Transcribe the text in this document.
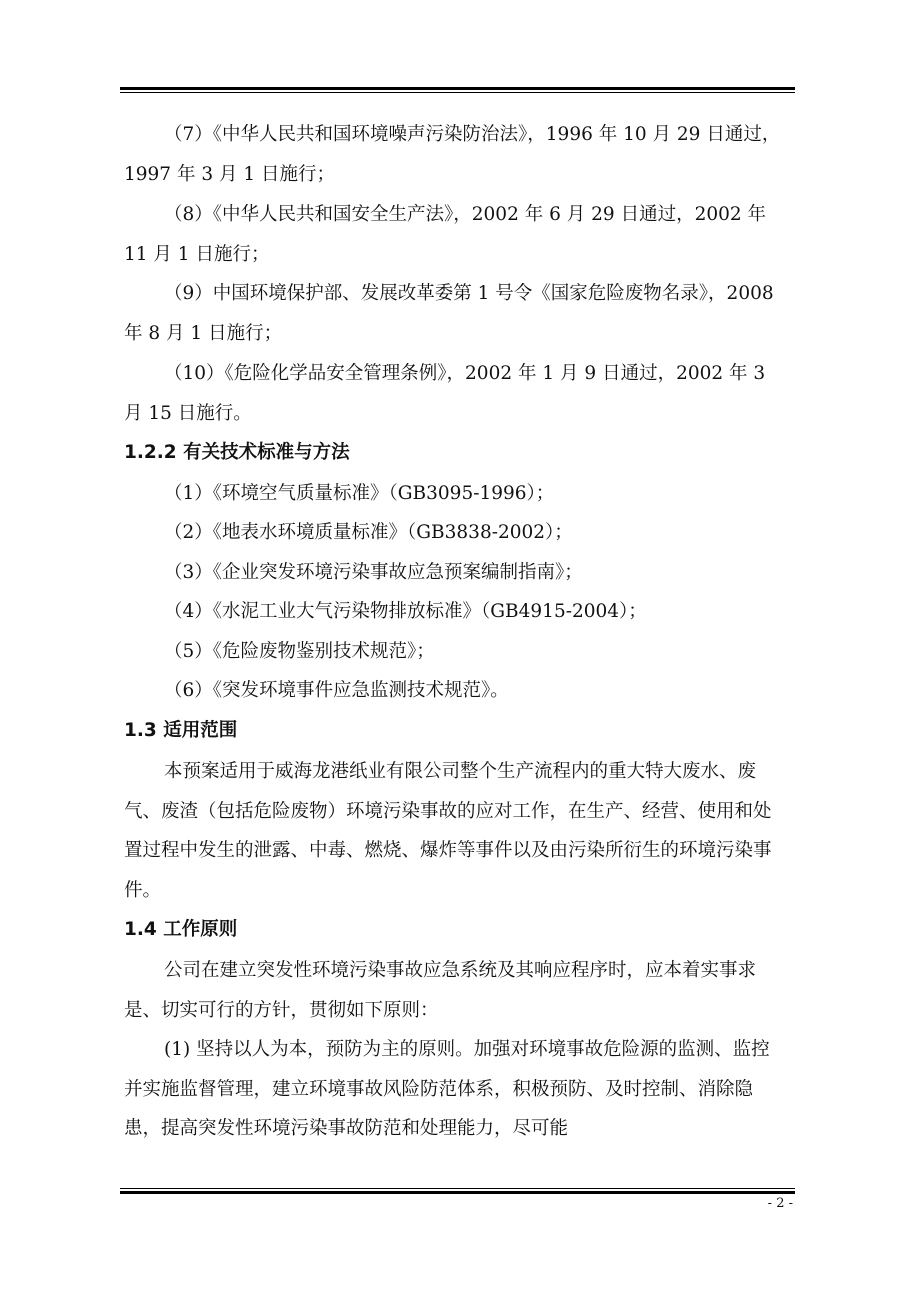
（7）《中华人民共和国环境噪声污染防治法》，1996 年 10 月 29 日通过，1997 年 3 月 1 日施行；

（8）《中华人民共和国安全生产法》，2002 年 6 月 29 日通过，2002 年 11 月 1 日施行；

（9）中国环境保护部、发展改革委第 1 号令《国家危险废物名录》，2008 年 8 月 1 日施行；

（10）《危险化学品安全管理条例》，2002 年 1 月 9 日通过，2002 年 3 月 15 日施行。

1.2.2 有关技术标准与方法

（1）《环境空气质量标准》（GB3095-1996）；

（2）《地表水环境质量标准》（GB3838-2002）；

（3）《企业突发环境污染事故应急预案编制指南》；

（4）《水泥工业大气污染物排放标准》（GB4915-2004）；

（5）《危险废物鉴别技术规范》；

（6）《突发环境事件应急监测技术规范》。

1.3 适用范围

本预案适用于威海龙港纸业有限公司整个生产流程内的重大特大废水、废气、废渣（包括危险废物）环境污染事故的应对工作，在生产、经营、使用和处置过程中发生的泄露、中毒、燃烧、爆炸等事件以及由污染所衍生的环境污染事件。

1.4 工作原则

公司在建立突发性环境污染事故应急系统及其响应程序时，应本着实事求是、切实可行的方针，贯彻如下原则：

(1) 坚持以人为本，预防为主的原则。加强对环境事故危险源的监测、监控并实施监督管理，建立环境事故风险防范体系，积极预防、及时控制、消除隐患，提高突发性环境污染事故防范和处理能力，尽可能

- 2 -
